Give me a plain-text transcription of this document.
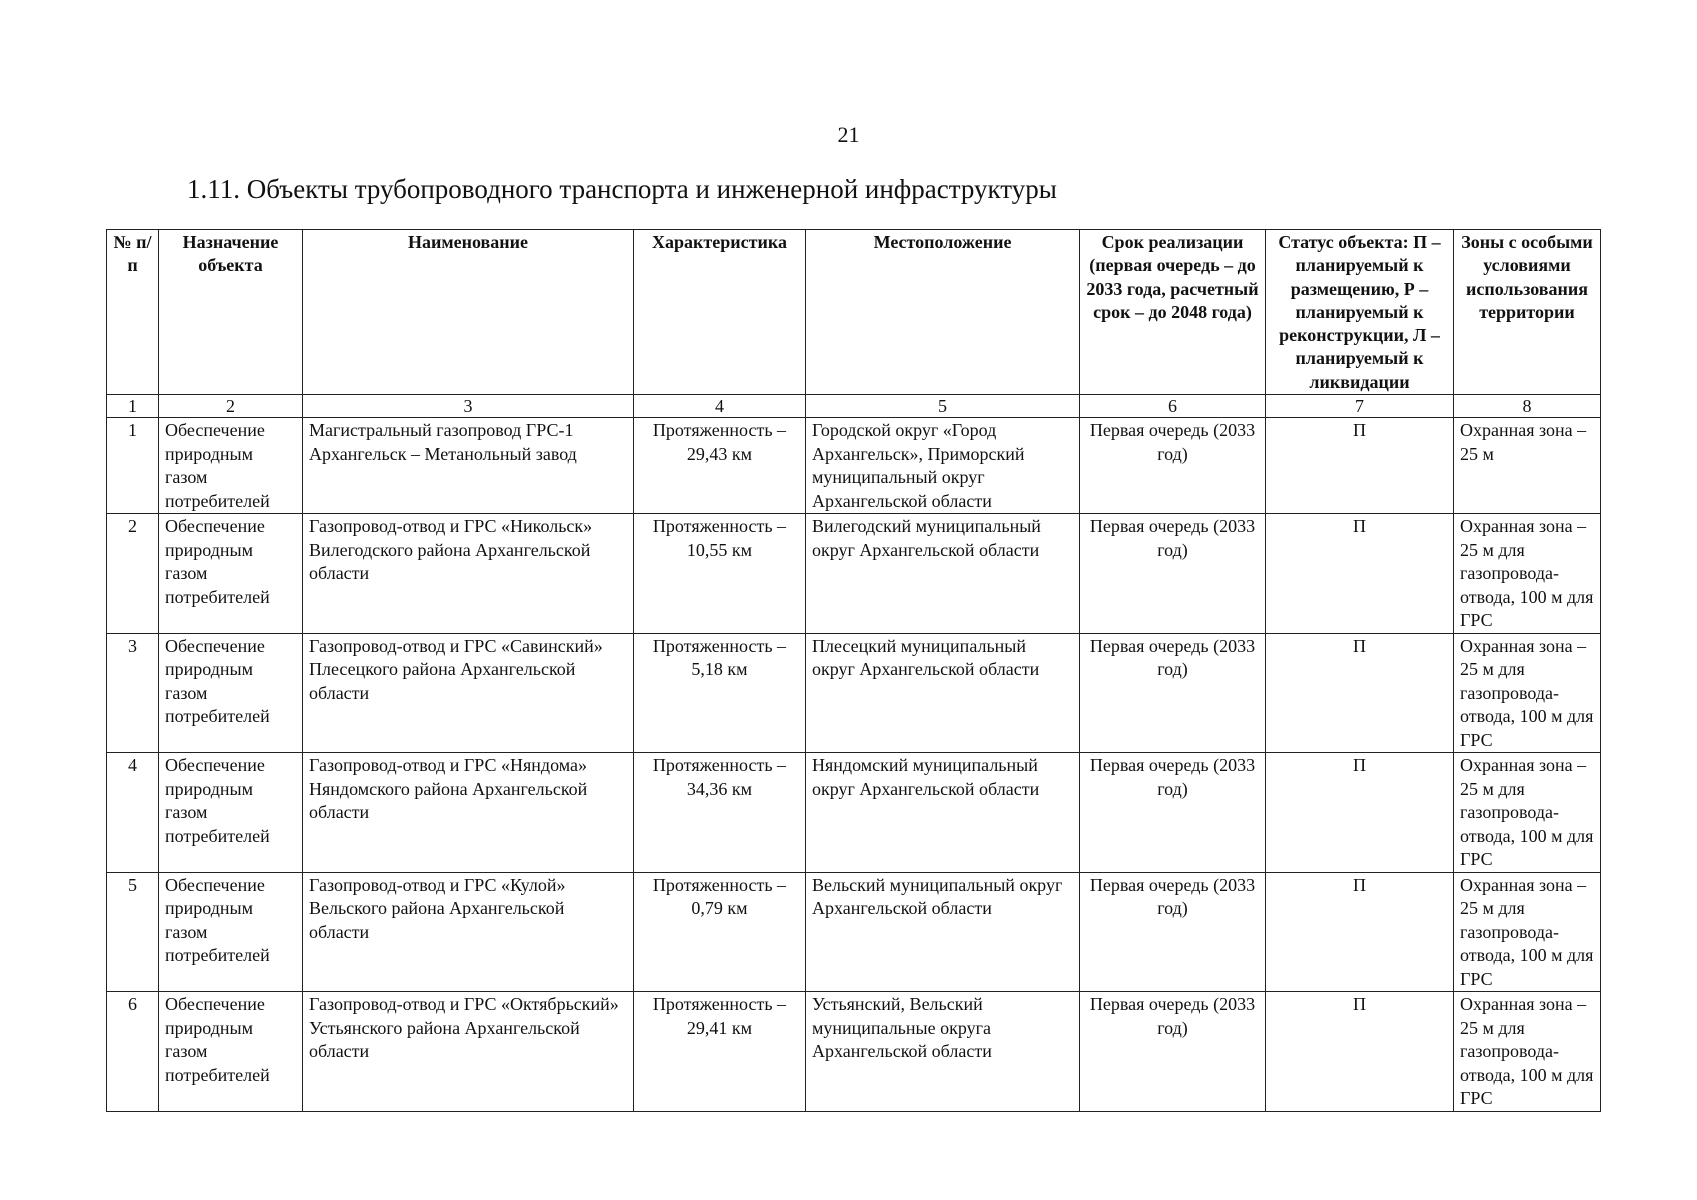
21
1.11. Объекты трубопроводного транспорта и инженерной инфраструктуры
№ п/п	Назначение объекта	Наименование	Характеристика	Местоположение	Срок реализации (первая очередь – до 2033 года, расчетный срок – до 2048 года)	Статус объекта: П – планируемый к размещению, Р – планируемый к реконструкции, Л – планируемый к ликвидации	Зоны с особыми условиями использования территории
1	2	3	4	5	6	7	8
1	Обеспечение природным газом потребителей	Магистральный газопровод ГРС-1 Архангельск – Метанольный завод	Протяженность – 29,43 км	Городской округ «Город Архангельск», Приморский муниципальный округ Архангельской области	Первая очередь (2033 год)	П	Охранная зона – 25 м
2	Обеспечение природным газом потребителей	Газопровод-отвод и ГРС «Никольск» Вилегодского района Архангельской области	Протяженность – 10,55 км	Вилегодский муниципальный округ Архангельской области	Первая очередь (2033 год)	П	Охранная зона – 25 м для газопровода-отвода, 100 м для ГРС
3	Обеспечение природным газом потребителей	Газопровод-отвод и ГРС «Савинский» Плесецкого района Архангельской области	Протяженность – 5,18 км	Плесецкий муниципальный округ Архангельской области	Первая очередь (2033 год)	П	Охранная зона – 25 м для газопровода-отвода, 100 м для ГРС
4	Обеспечение природным газом потребителей	Газопровод-отвод и ГРС «Няндома» Няндомского района Архангельской области	Протяженность – 34,36 км	Няндомский муниципальный округ Архангельской области	Первая очередь (2033 год)	П	Охранная зона – 25 м для газопровода-отвода, 100 м для ГРС
5	Обеспечение природным газом потребителей	Газопровод-отвод и ГРС «Кулой» Вельского района Архангельской области	Протяженность – 0,79 км	Вельский муниципальный округ Архангельской области	Первая очередь (2033 год)	П	Охранная зона – 25 м для газопровода-отвода, 100 м для ГРС
6	Обеспечение природным газом потребителей	Газопровод-отвод и ГРС «Октябрьский» Устьянского района Архангельской области	Протяженность – 29,41 км	Устьянский, Вельский муниципальные округа Архангельской области	Первая очередь (2033 год)	П	Охранная зона – 25 м для газопровода-отвода, 100 м для ГРС
